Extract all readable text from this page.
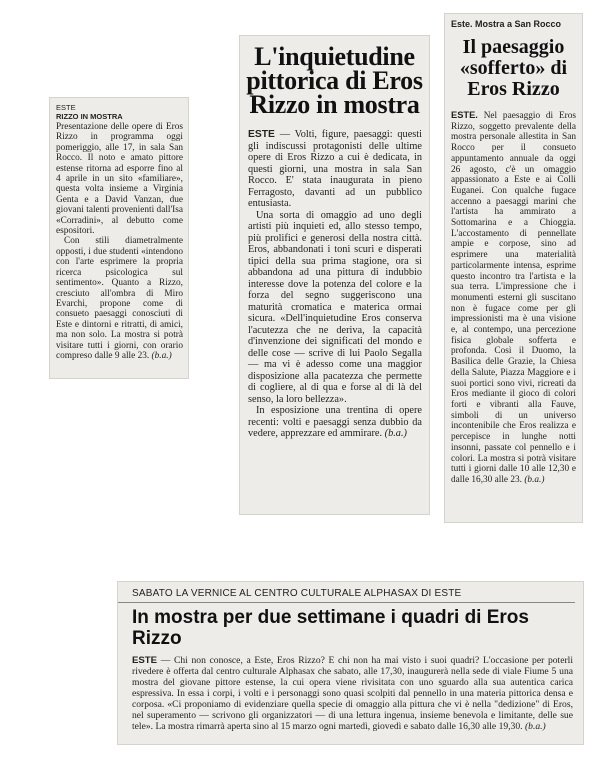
ESTE
RIZZO IN MOSTRA

Presentazione delle opere di Eros Rizzo in programma oggi pomeriggio, alle 17, in sala San Rocco. Il noto e amato pittore estense ritorna ad esporre fino al 4 aprile in un sito «familiare», questa volta insieme a Virginia Genta e a David Vanzan, due giovani talenti provenienti dall'Isa «Corradini», al debutto come espositori.

Con stili diametralmente opposti, i due studenti «intendono con l'arte esprimere la propria ricerca psicologica sul sentimento». Quanto a Rizzo, cresciuto all'ombra di Miro Evarchi, propone come di consueto paesaggi conosciuti di Este e dintorni e ritratti, di amici, ma non solo. La mostra si potrà visitare tutti i giorni, con orario compreso dalle 9 alle 23. (b.a.)

L'inquietudine pittorica di Eros Rizzo in mostra

ESTE — Volti, figure, paesaggi: questi gli indiscussi protagonisti delle ultime opere di Eros Rizzo a cui è dedicata, in questi giorni, una mostra in sala San Rocco. E' stata inaugurata in pieno Ferragosto, davanti ad un pubblico entusiasta.

Una sorta di omaggio ad uno degli artisti più inquieti ed, allo stesso tempo, più prolifici e generosi della nostra città. Eros, abbandonati i toni scuri e disperati tipici della sua prima stagione, ora si abbandona ad una pittura di indubbio interesse dove la potenza del colore e la forza del segno suggeriscono una maturità cromatica e materica ormai sicura. «Dell'inquietudine Eros conserva l'acutezza che ne deriva, la capacità d'invenzione dei significati del mondo e delle cose — scrive di lui Paolo Segalla — ma vi è adesso come una maggior disposizione alla pacatezza che permette di cogliere, al di qua e forse al di là del senso, la loro bellezza».

In esposizione una trentina di opere recenti: volti e paesaggi senza dubbio da vedere, apprezzare ed ammirare. (b.a.)

Este. Mostra a San Rocco
Il paesaggio «sofferto» di Eros Rizzo

ESTE. Nel paesaggio di Eros Rizzo, soggetto prevalente della mostra personale allestita in San Rocco per il consueto appuntamento annuale da oggi 26 agosto, c'è un omaggio appassionato a Este e ai Colli Euganei. Con qualche fugace accenno a paesaggi marini che l'artista ha ammirato a Sottomarina e a Chioggia. L'accostamento di pennellate ampie e corpose, sino ad esprimere una materialità particolarmente intensa, esprime questo incontro tra l'artista e la sua terra. L'impressione che i monumenti esterni gli suscitano non è fugace come per gli impressionisti ma è una visione e, al contempo, una percezione fisica globale sofferta e profonda. Così il Duomo, la Basilica delle Grazie, la Chiesa della Salute, Piazza Maggiore e i suoi portici sono vivi, ricreati da Eros mediante il gioco di colori forti e vibranti alla Fauve, simboli di un universo incontenibile che Eros realizza e percepisce in lunghe notti insonni, passate col pennello e i colori. La mostra si potrà visitare tutti i giorni dalle 10 alle 12,30 e dalle 16,30 alle 23. (b.a.)

SABATO LA VERNICE AL CENTRO CULTURALE ALPHASAX DI ESTE
In mostra per due settimane i quadri di Eros Rizzo

ESTE — Chi non conosce, a Este, Eros Rizzo? E chi non ha mai visto i suoi quadri? L'occasione per poterli rivedere è offerta dal centro culturale Alphasax che sabato, alle 17,30, inaugurerà nella sede di viale Fiume 5 una mostra del giovane pittore estense, la cui opera viene rivisitata con uno sguardo alla sua autentica carica espressiva. In essa i corpi, i volti e i personaggi sono quasi scolpiti dal pennello in una materia pittorica densa e corposa. «Ci proponiamo di evidenziare quella specie di omaggio alla pittura che vi è nella "dedizione" di Eros, nel superamento — scrivono gli organizzatori — di una lettura ingenua, insieme benevola e limitante, delle sue tele». La mostra rimarrà aperta sino al 15 marzo ogni martedì, giovedì e sabato dalle 16,30 alle 19,30. (b.a.)
